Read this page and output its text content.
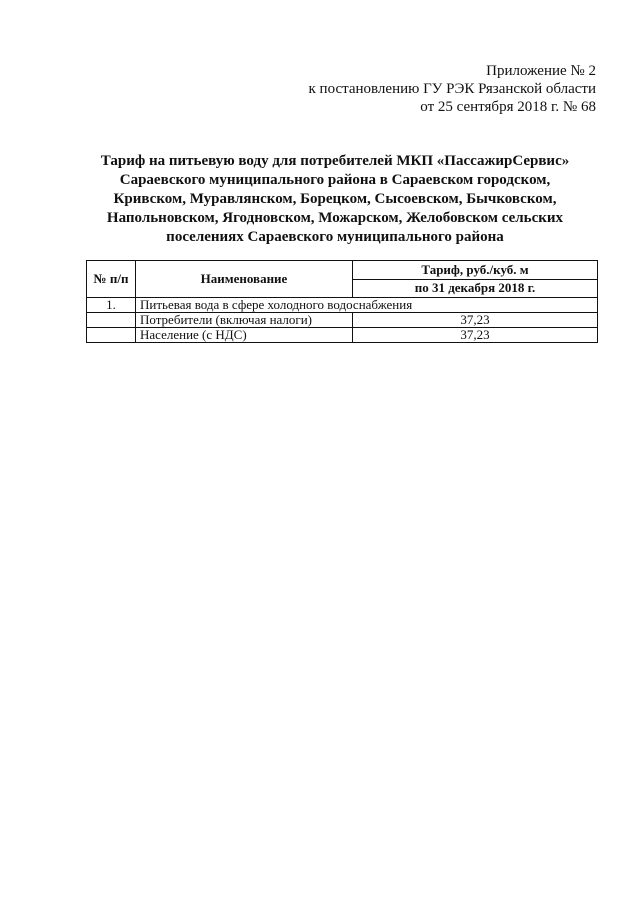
Приложение № 2
к постановлению ГУ РЭК Рязанской области
от 25 сентября 2018 г. № 68
Тариф на питьевую воду для потребителей МКП «ПассажирСервис»
Сараевского муниципального района в Сараевском городском,
Кривском, Муравлянском, Борецком, Сысоевском, Бычковском,
Напольновском, Ягодновском, Можарском, Желобовском сельских
поселениях Сараевского муниципального района
№ п/п	Наименование	Тариф, руб./куб. м
		по 31 декабря 2018 г.
1.	Питьевая вода в сфере холодного водоснабжения	
	Потребители (включая налоги)	37,23
	Население (с НДС)	37,23
